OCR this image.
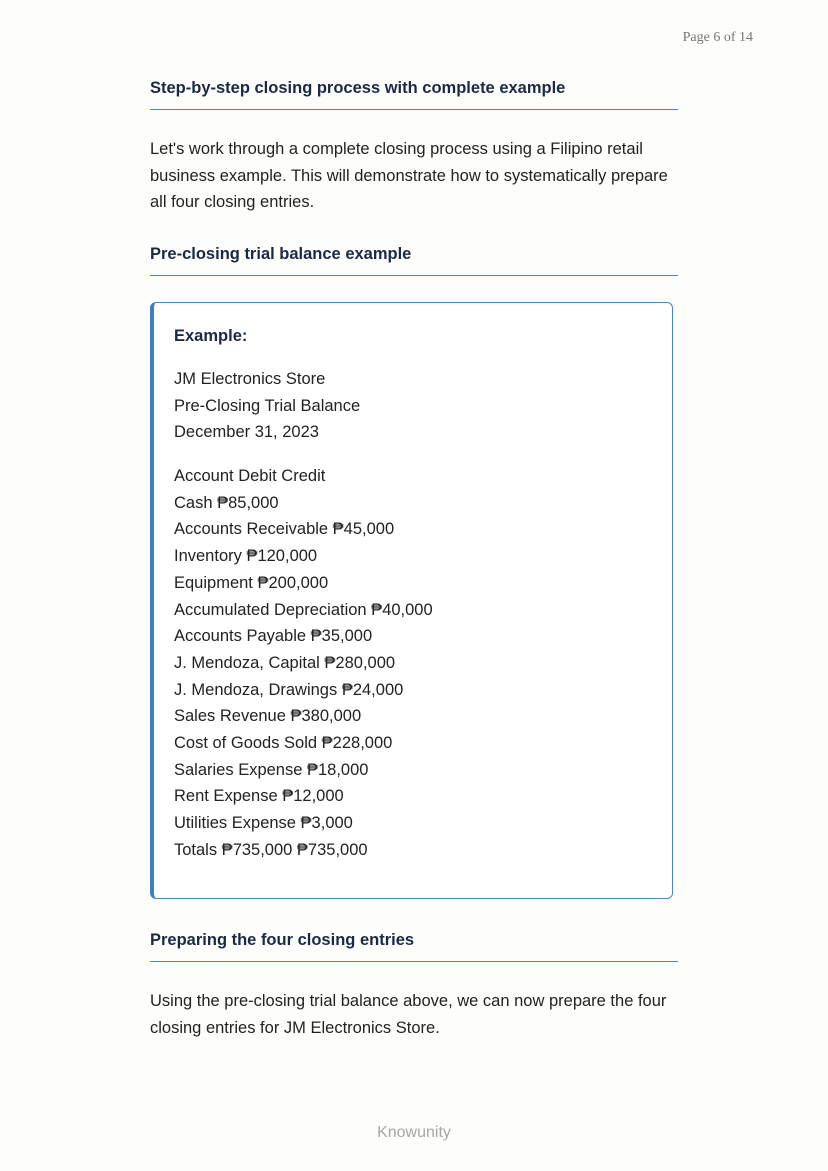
Page 6 of 14
Step-by-step closing process with complete example
Let's work through a complete closing process using a Filipino retail
business example. This will demonstrate how to systematically prepare
all four closing entries.
Pre-closing trial balance example
Example:
JM Electronics Store
Pre-Closing Trial Balance
December 31, 2023
Account Debit Credit
Cash ₱85,000
Accounts Receivable ₱45,000
Inventory ₱120,000
Equipment ₱200,000
Accumulated Depreciation ₱40,000
Accounts Payable ₱35,000
J. Mendoza, Capital ₱280,000
J. Mendoza, Drawings ₱24,000
Sales Revenue ₱380,000
Cost of Goods Sold ₱228,000
Salaries Expense ₱18,000
Rent Expense ₱12,000
Utilities Expense ₱3,000
Totals ₱735,000 ₱735,000
Preparing the four closing entries
Using the pre-closing trial balance above, we can now prepare the four
closing entries for JM Electronics Store.
Knowunity
